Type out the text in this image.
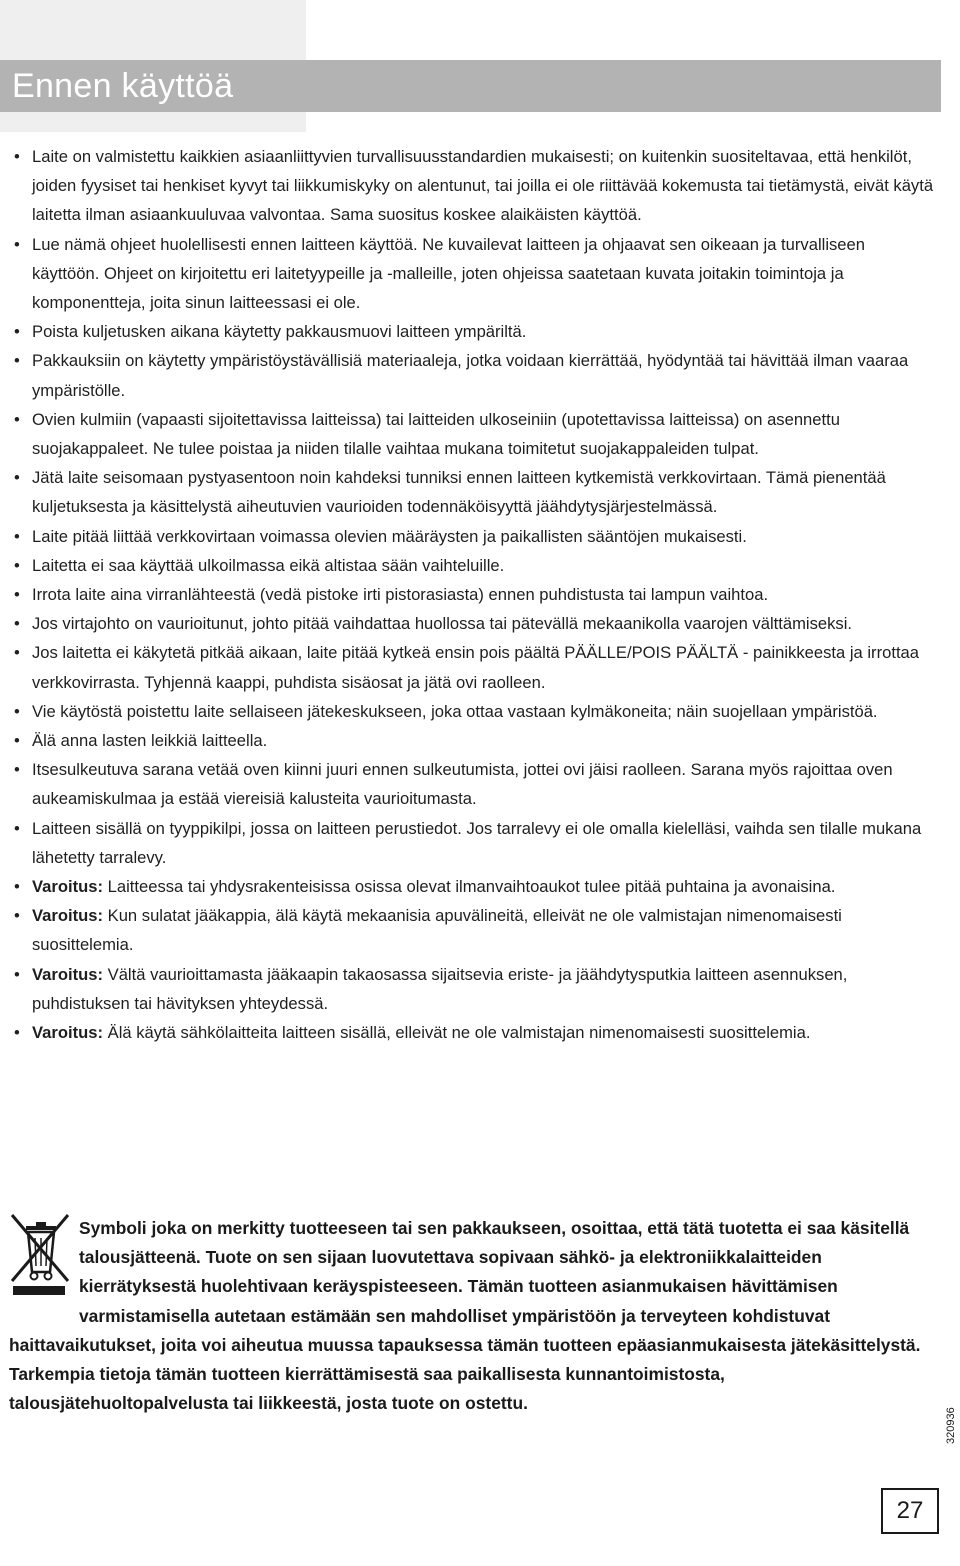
Ennen käyttöä
• Laite on valmistettu kaikkien asiaanliittyvien turvallisuusstandardien mukaisesti; on kuitenkin suositeltavaa, että henkilöt, joiden fyysiset tai henkiset kyvyt tai liikkumiskyky on alentunut, tai joilla ei ole riittävää kokemusta tai tietämystä, eivät käytä laitetta ilman asiaankuuluvaa valvontaa. Sama suositus koskee alaikäisten käyttöä.
• Lue nämä ohjeet huolellisesti ennen laitteen käyttöä. Ne kuvailevat laitteen ja ohjaavat sen oikeaan ja turvalliseen käyttöön. Ohjeet on kirjoitettu eri laitetyypeille ja -malleille, joten ohjeissa saatetaan kuvata joitakin toimintoja ja komponentteja, joita sinun laitteessasi ei ole.
• Poista kuljetusken aikana käytetty pakkausmuovi laitteen ympäriltä.
• Pakkauksiin on käytetty ympäristöystävällisiä materiaaleja, jotka voidaan kierrättää, hyödyntää tai hävittää ilman vaaraa ympäristölle.
• Ovien kulmiin (vapaasti sijoitettavissa laitteissa) tai laitteiden ulkoseiniin (upotettavissa laitteissa) on asennettu suojakappaleet. Ne tulee poistaa ja niiden tilalle vaihtaa mukana toimitetut suojakappaleiden tulpat.
• Jätä laite seisomaan pystyasentoon noin kahdeksi tunniksi ennen laitteen kytkemistä verkkovirtaan. Tämä pienentää kuljetuksesta ja käsittelystä aiheutuvien vaurioiden todennäköisyyttä jäähdytysjärjestelmässä.
• Laite pitää liittää verkkovirtaan voimassa olevien määräysten ja paikallisten sääntöjen mukaisesti.
• Laitetta ei saa käyttää ulkoilmassa eikä altistaa sään vaihteluille.
• Irrota laite aina virranlähteestä (vedä pistoke irti pistorasiasta) ennen puhdistusta tai lampun vaihtoa.
• Jos virtajohto on vaurioitunut, johto pitää vaihdattaa huollossa tai pätevällä mekaanikolla vaarojen välttämiseksi.
• Jos laitetta ei käkytetä pitkää aikaan, laite pitää kytkeä ensin pois päältä PÄÄLLE/POIS PÄÄLTÄ - painikkeesta ja irrottaa verkkovirrasta. Tyhjennä kaappi, puhdista sisäosat ja jätä ovi raolleen.
• Vie käytöstä poistettu laite sellaiseen jätekeskukseen, joka ottaa vastaan kylmäkoneita; näin suojellaan ympäristöä.
• Älä anna lasten leikkiä laitteella.
• Itsesulkeutuva sarana vetää oven kiinni juuri ennen sulkeutumista, jottei ovi jäisi raolleen. Sarana myös rajoittaa oven aukeamiskulmaa ja estää viereisiä kalusteita vaurioitumasta.
• Laitteen sisällä on tyyppikilpi, jossa on laitteen perustiedot. Jos tarralevy ei ole omalla kielelläsi, vaihda sen tilalle mukana lähetetty tarralevy.
• Varoitus: Laitteessa tai yhdysrakenteisissa osissa olevat ilmanvaihtoaukot tulee pitää puhtaina ja avonaisina.
• Varoitus: Kun sulatat jääkappia, älä käytä mekaanisia apuvälineitä, elleivät ne ole valmistajan nimenomaisesti suosittelemia.
• Varoitus: Vältä vaurioittamasta jääkaapin takaosassa sijaitsevia eriste- ja jäähdytysputkia laitteen asennuksen, puhdistuksen tai hävityksen yhteydessä.
• Varoitus: Älä käytä sähkölaitteita laitteen sisällä, elleivät ne ole valmistajan nimenomaisesti suosittelemia.
Symboli joka on merkitty tuotteeseen tai sen pakkaukseen, osoittaa, että tätä tuotetta ei saa käsitellä talousjätteenä. Tuote on sen sijaan luovutettava sopivaan sähkö- ja elektroniikkalaitteiden kierrätyksestä huolehtivaan keräyspisteeseen. Tämän tuotteen asianmukaisen hävittämisen varmistamisella autetaan estämään sen mahdolliset ympäristöön ja terveyteen kohdistuvat haittavaikutukset, joita voi aiheutua muussa tapauksessa tämän tuotteen epäasianmukaisesta jätekäsittelystä. Tarkempia tietoja tämän tuotteen kierrättämisestä saa paikallisesta kunnantoimistosta, talousjätehuoltopalvelusta tai liikkeestä, josta tuote on ostettu.
320936
27
